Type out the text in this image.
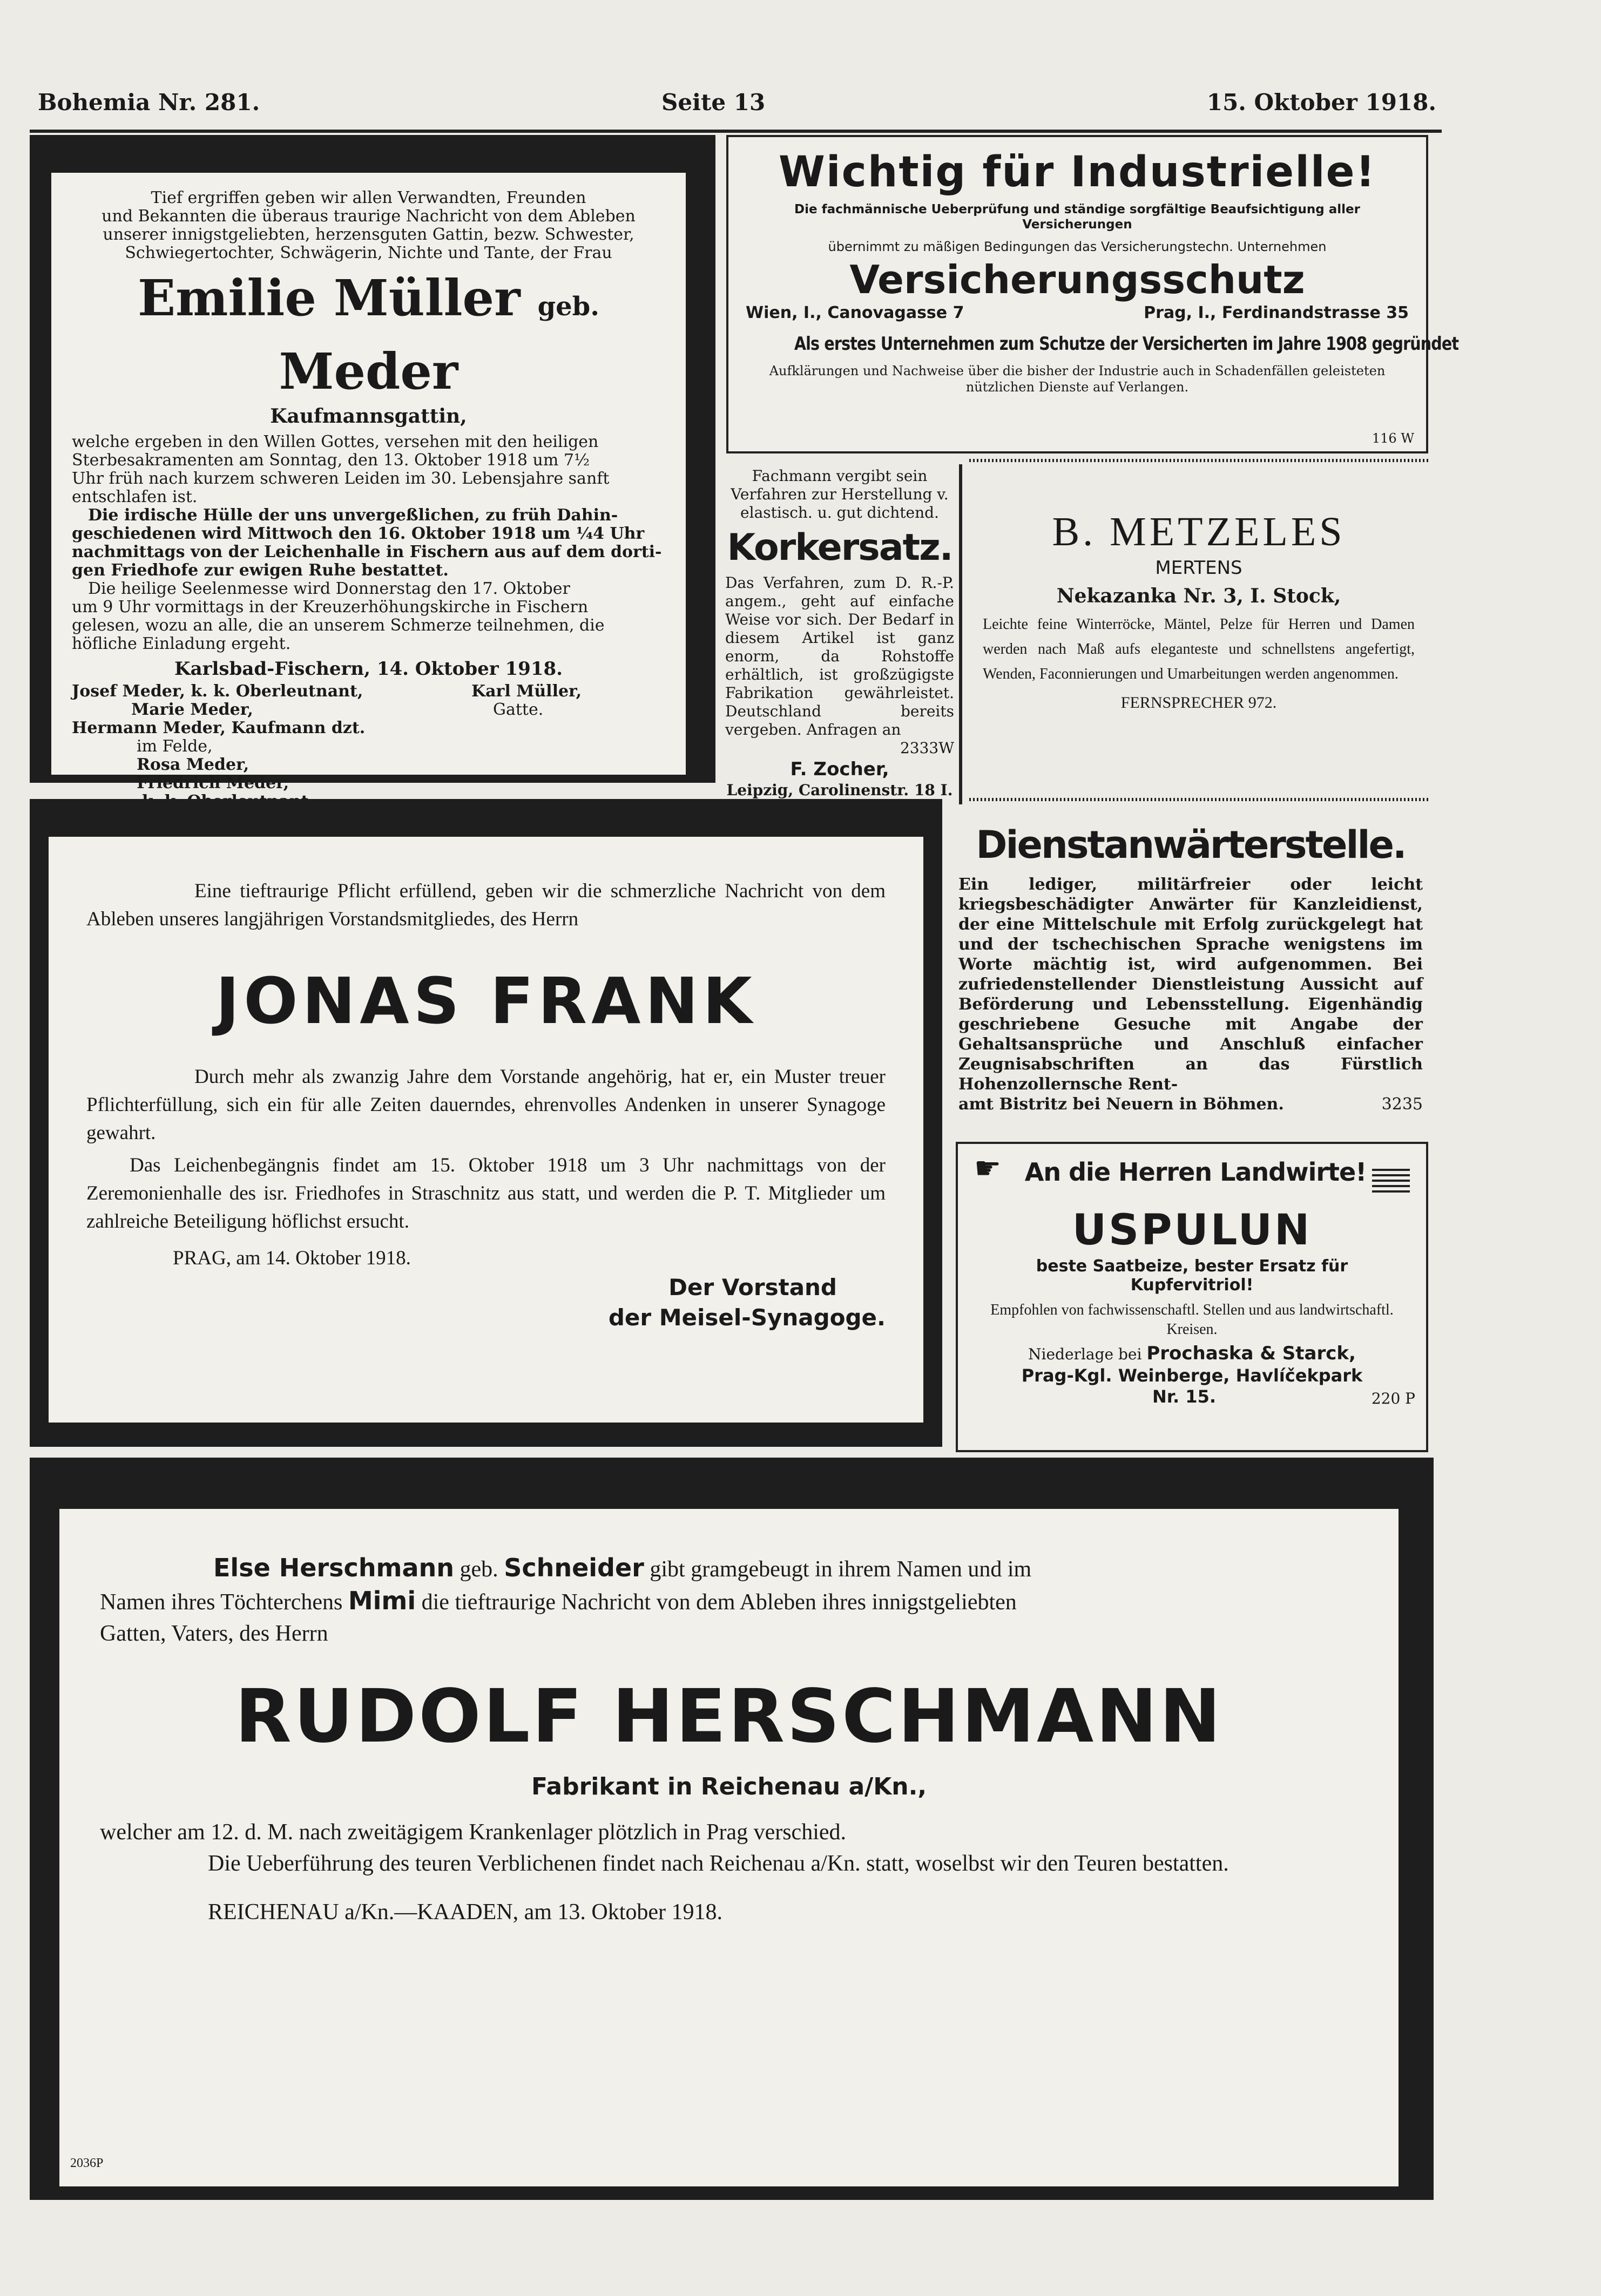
Bohemia Nr. 281.	Seite 13	15. Oktober 1918.
Tief ergriffen geben wir allen Verwandten, Freunden
und Bekannten die überaus traurige Nachricht von dem Ableben
unserer innigstgeliebten, herzensguten Gattin, bezw. Schwester,
Schwiegertochter, Schwägerin, Nichte und Tante, der Frau
Emilie Müller geb. Meder
Kaufmannsgattin,
welche ergeben in den Willen Gottes, versehen mit den heiligen
Sterbesakramenten am Sonntag, den 13. Oktober 1918 um 7½
Uhr früh nach kurzem schweren Leiden im 30. Lebensjahre sanft
entschlafen ist.
Die irdische Hülle der uns unvergeßlichen, zu früh Dahin-
geschiedenen wird Mittwoch den 16. Oktober 1918 um ¼4 Uhr
nachmittags von der Leichenhalle in Fischern aus auf dem dorti-
gen Friedhofe zur ewigen Ruhe bestattet.
Die heilige Seelenmesse wird Donnerstag den 17. Oktober
um 9 Uhr vormittags in der Kreuzerhöhungskirche in Fischern
gelesen, wozu an alle, die an unserem Schmerze teilnehmen, die
höfliche Einladung ergeht.
Karlsbad-Fischern, 14. Oktober 1918.
Josef Meder, k. k. Oberleutnant,
Marie Meder,
Hermann Meder, Kaufmann dzt.
im Felde,
Rosa Meder,
Friedrich Meder,
Karl Müller,
Gatte.
Wichtig für Industrielle!
Die fachmännische Ueberprüfung und ständige sorgfältige Beaufsichtigung aller Versicherungen
übernimmt zu mäßigen Bedingungen das Versicherungstechn. Unternehmen
Versicherungsschutz
Wien, I., Canovagasse 7	Prag, I., Ferdinandstrasse 35
Als erstes Unternehmen zum Schutze der Versicherten im Jahre 1908 gegründet
Aufklärungen und Nachweise über die bisher der Industrie auch in Schadenfällen geleisteten nützlichen Dienste auf Verlangen.
116 W
Fachmann vergibt sein Verfahren zur Herstellung v. elastisch. u. gut dichtend.
Korkersatz.
Das Verfahren, zum D. R.-P. angem., geht auf einfache Weise vor sich. Der Bedarf in diesem Artikel ist ganz enorm, da Rohstoffe erhältlich, ist großzügigste Fabrikation gewährleistet. Deutschland bereits vergeben. Anfragen an
2333W
F. Zocher,
Leipzig, Carolinenstr. 18 I.
B. METZELES
MERTENS
Nekazanka Nr. 3, I. Stock,
Leichte feine Winterröcke, Mäntel, Pelze für Herren und Damen werden nach Maß aufs eleganteste und schnellstens angefertigt, Wenden, Faconnierungen und Umarbeitungen werden angenommen.
FERNSPRECHER 972.
Eine tieftraurige Pflicht erfüllend, geben wir die schmerzliche Nachricht von dem Ableben unseres langjährigen Vorstandsmitgliedes, des Herrn
JONAS FRANK
Durch mehr als zwanzig Jahre dem Vorstande angehörig, hat er, ein Muster treuer Pflichterfüllung, sich ein für alle Zeiten dauerndes, ehrenvolles Andenken in unserer Synagoge gewahrt.
Das Leichenbegängnis findet am 15. Oktober 1918 um 3 Uhr nachmittags von der Zeremonienhalle des isr. Friedhofes in Straschnitz aus statt, und werden die P. T. Mitglieder um zahlreiche Beteiligung höflichst ersucht.
PRAG, am 14. Oktober 1918.
Der Vorstand
der Meisel-Synagoge.
Dienstanwärterstelle.
Ein lediger, militärfreier oder leicht kriegsbeschädigter Anwärter für Kanzleidienst, der eine Mittelschule mit Erfolg zurückgelegt hat und der tschechischen Sprache wenigstens im Worte mächtig ist, wird aufgenommen. Bei zufriedenstellender Dienstleistung Aussicht auf Beförderung und Lebensstellung. Eigenhändig geschriebene Gesuche mit Angabe der Gehaltsansprüche und Anschluß einfacher Zeugnisabschriften an das Fürstlich Hohenzollernsche Rent-
amt Bistritz bei Neuern in Böhmen.	3235
☛ An die Herren Landwirte!
USPULUN
beste Saatbeize, bester Ersatz für
Kupfervitriol!
Empfohlen von fachwissenschaftl. Stellen und aus landwirtschaftl. Kreisen.
Niederlage bei Prochaska & Starck,
Prag-Kgl. Weinberge, Havlíčekpark
Nr. 15.	220 P
Else Herschmann geb. Schneider gibt gramgebeugt in ihrem Namen und im
Namen ihres Töchterchens Mimi die tieftraurige Nachricht von dem Ableben ihres innigstgeliebten
Gatten, Vaters, des Herrn
RUDOLF HERSCHMANN
Fabrikant in Reichenau a/Kn.,
welcher am 12. d. M. nach zweitägigem Krankenlager plötzlich in Prag verschied.
Die Ueberführung des teuren Verblichenen findet nach Reichenau a/Kn. statt, woselbst wir den Teuren bestatten.
REICHENAU a/Kn.—KAADEN, am 13. Oktober 1918.
2036P
